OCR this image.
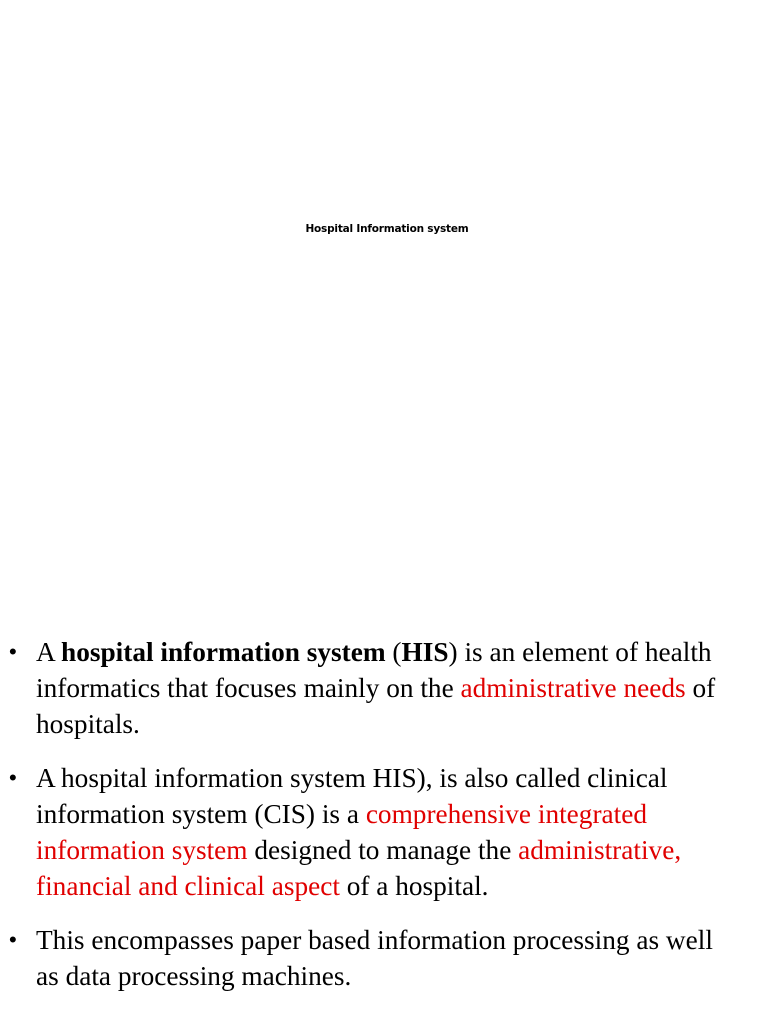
Hospital Information system
• A hospital information system (HIS) is an element of health informatics that focuses mainly on the administrative needs of hospitals.
• A hospital information system HIS), is also called clinical information system (CIS) is a comprehensive integrated information system designed to manage the administrative, financial and clinical aspect of a hospital.
• This encompasses paper based information processing as well as data processing machines.
